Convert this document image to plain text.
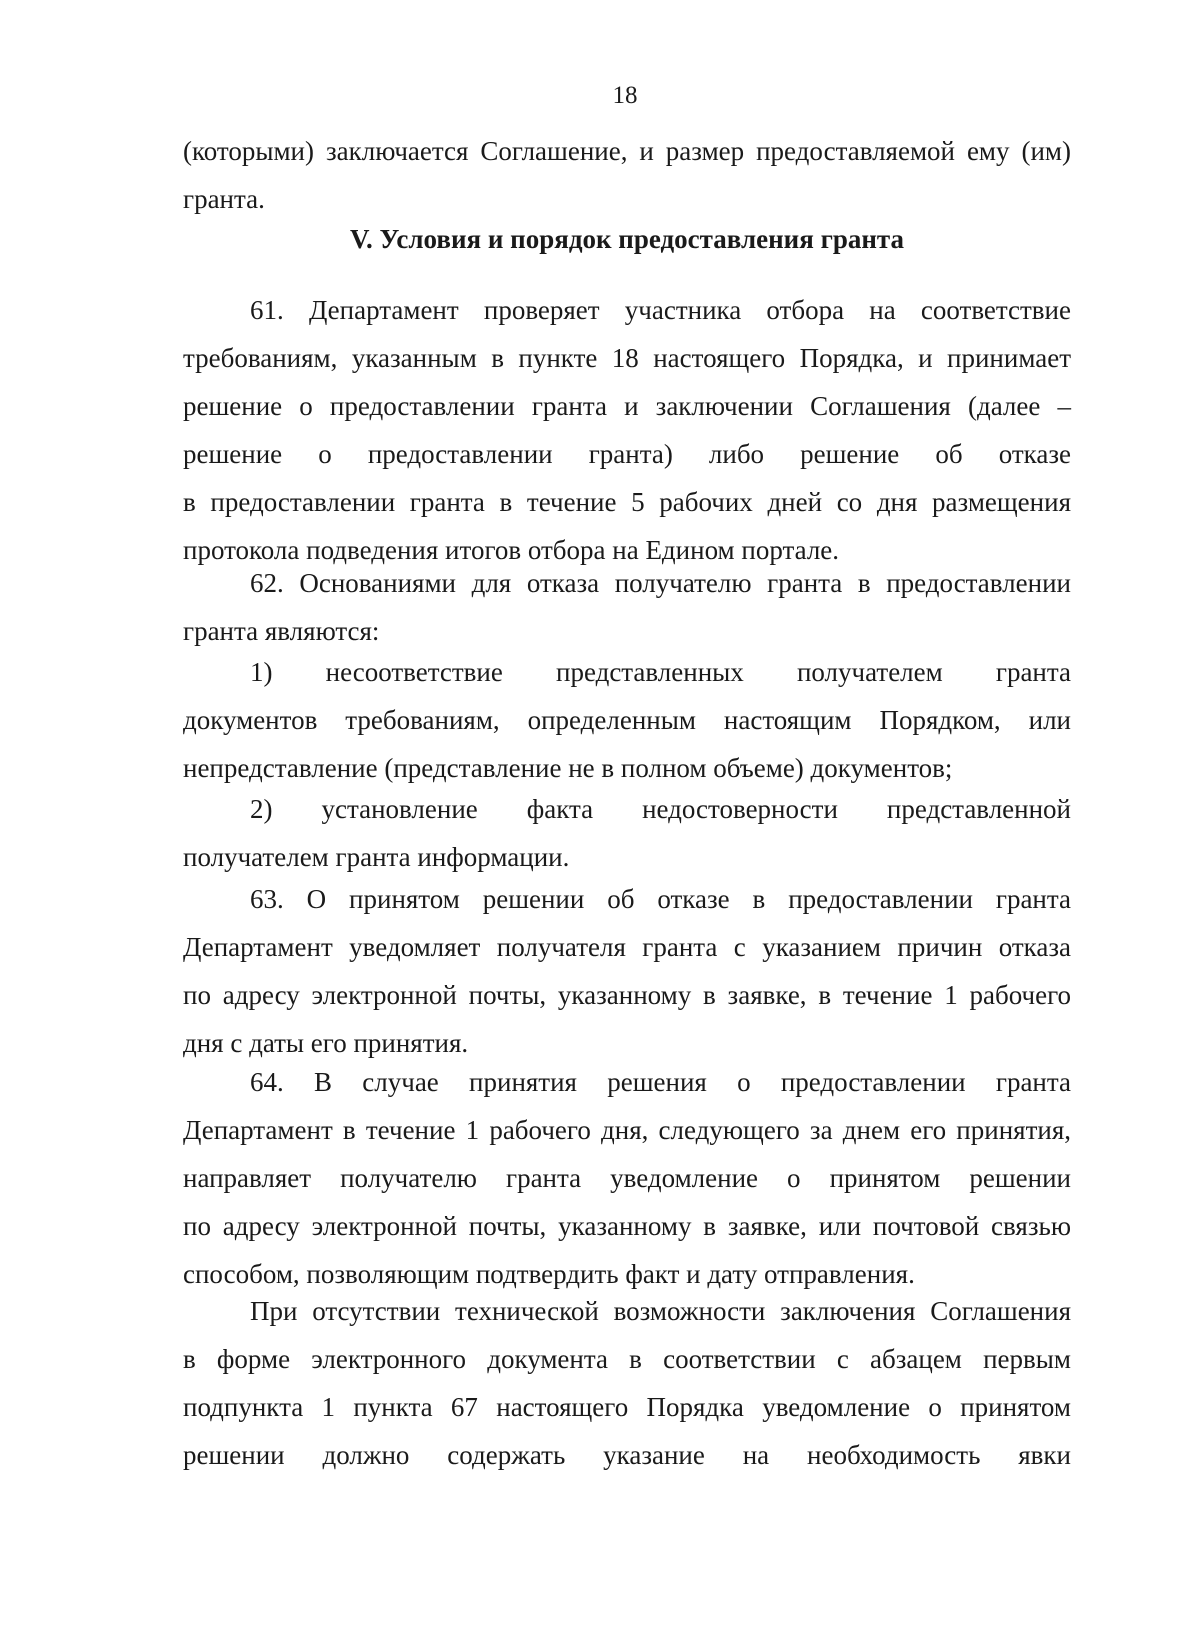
18
(которыми) заключается Соглашение, и размер предоставляемой ему (им)
гранта.
V. Условия и порядок предоставления гранта
61. Департамент проверяет участника отбора на соответствие
требованиям, указанным в пункте 18 настоящего Порядка, и принимает
решение о предоставлении гранта и заключении Соглашения (далее –
решение о предоставлении гранта) либо решение об отказе
в предоставлении гранта в течение 5 рабочих дней со дня размещения
протокола подведения итогов отбора на Едином портале.
62. Основаниями для отказа получателю гранта в предоставлении
гранта являются:
1) несоответствие представленных получателем гранта
документов требованиям, определенным настоящим Порядком, или
непредставление (представление не в полном объеме) документов;
2) установление факта недостоверности представленной
получателем гранта информации.
63. О принятом решении об отказе в предоставлении гранта
Департамент уведомляет получателя гранта с указанием причин отказа
по адресу электронной почты, указанному в заявке, в течение 1 рабочего
дня с даты его принятия.
64. В случае принятия решения о предоставлении гранта
Департамент в течение 1 рабочего дня, следующего за днем его принятия,
направляет получателю гранта уведомление о принятом решении
по адресу электронной почты, указанному в заявке, или почтовой связью
способом, позволяющим подтвердить факт и дату отправления.
При отсутствии технической возможности заключения Соглашения
в форме электронного документа в соответствии с абзацем первым
подпункта 1 пункта 67 настоящего Порядка уведомление о принятом
решении должно содержать указание на необходимость явки
